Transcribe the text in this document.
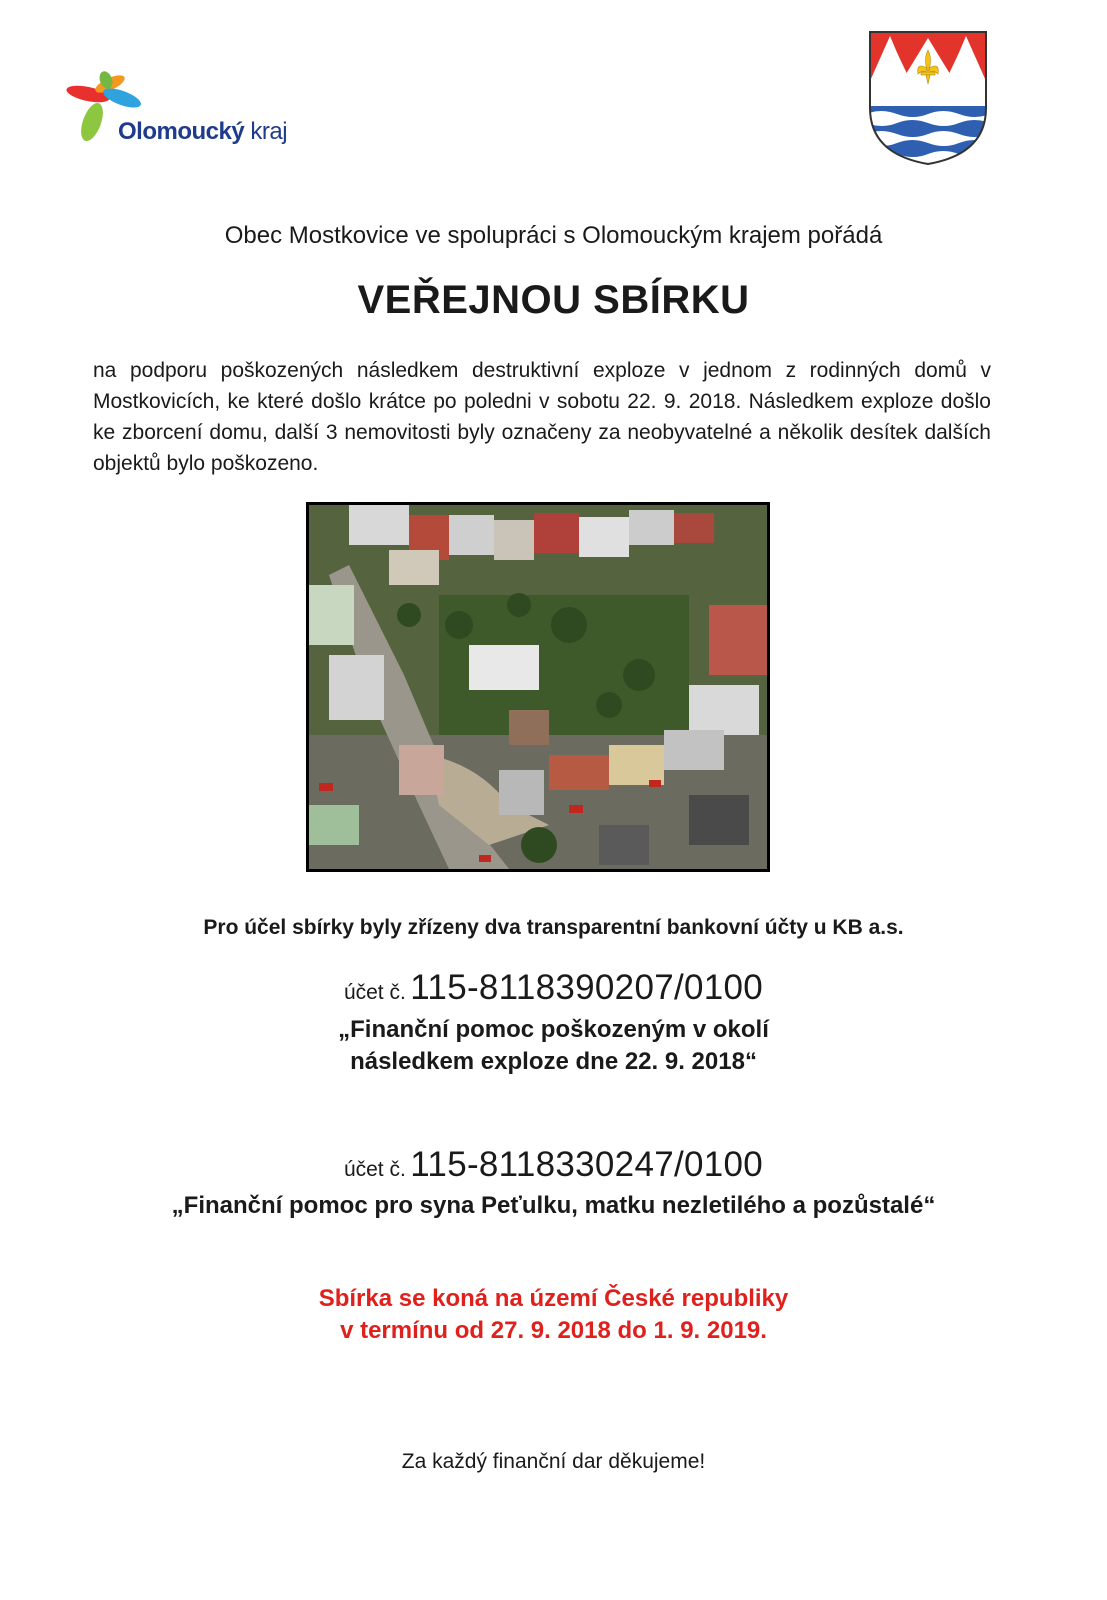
Olomoucký kraj
Obec Mostkovice ve spolupráci s Olomouckým krajem pořádá
VEŘEJNOU SBÍRKU
na podporu poškozených následkem destruktivní exploze v jednom z rodinných domů v Mostkovicích, ke které došlo krátce po poledni v sobotu 22. 9. 2018. Následkem exploze došlo ke zborcení domu, další 3 nemovitosti byly označeny za neobyvatelné a několik desítek dalších objektů bylo poškozeno.
Pro účel sbírky byly zřízeny dva transparentní bankovní účty u KB a.s.
účet č. 115-8118390207/0100
„Finanční pomoc poškozeným v okolí
následkem exploze dne 22. 9. 2018“
účet č. 115-8118330247/0100
„Finanční pomoc pro syna Peťulku, matku nezletilého a pozůstalé“
Sbírka se koná na území České republiky
v termínu od 27. 9. 2018 do 1. 9. 2019.
Za každý finanční dar děkujeme!
